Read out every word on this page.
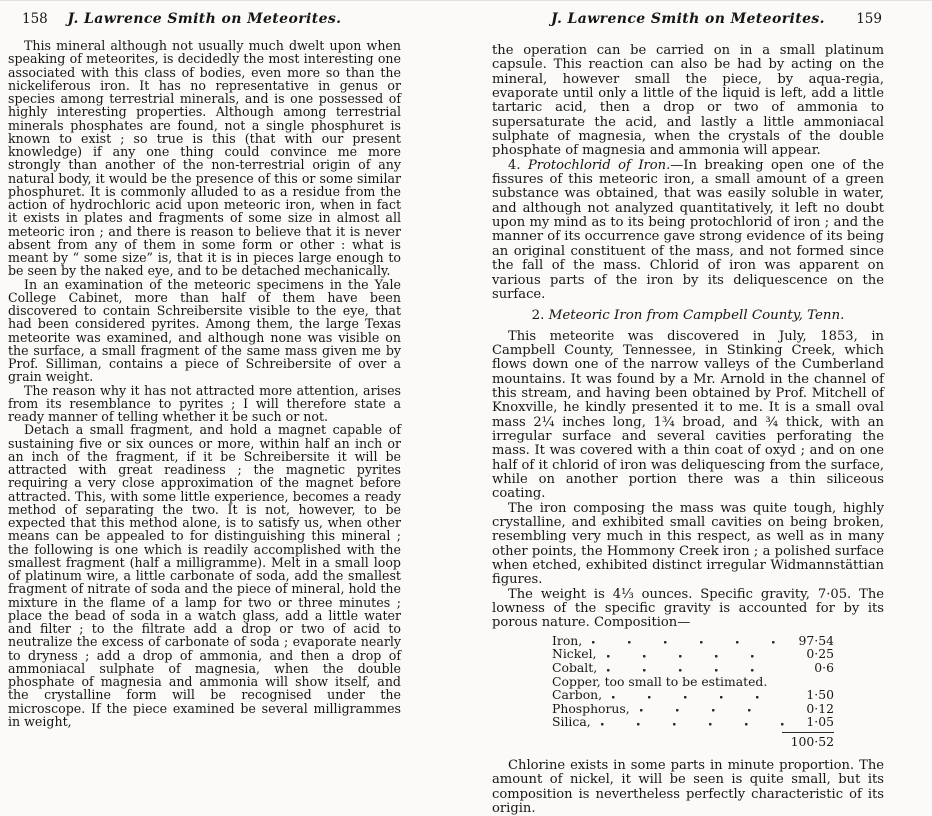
158	J. Lawrence Smith on Meteorites.

This mineral although not usually much dwelt upon when speaking of meteorites, is decidedly the most interesting one associated with this class of bodies, even more so than the nickeliferous iron. It has no representative in genus or species among terrestrial minerals, and is one possessed of highly interesting properties. Although among terrestrial minerals phosphates are found, not a single phosphuret is known to exist ; so true is this (that with our present knowledge) if any one thing could convince me more strongly than another of the non-terrestrial origin of any natural body, it would be the presence of this or some similar phosphuret. It is commonly alluded to as a residue from the action of hydrochloric acid upon meteoric iron, when in fact it exists in plates and fragments of some size in almost all meteoric iron ; and there is reason to believe that it is never absent from any of them in some form or other : what is meant by “ some size” is, that it is in pieces large enough to be seen by the naked eye, and to be detached mechanically.

In an examination of the meteoric specimens in the Yale College Cabinet, more than half of them have been discovered to contain Schreibersite visible to the eye, that had been considered pyrites. Among them, the large Texas meteorite was examined, and although none was visible on the surface, a small fragment of the same mass given me by Prof. Silliman, contains a piece of Schreibersite of over a grain weight.

The reason why it has not attracted more attention, arises from its resemblance to pyrites ; I will therefore state a ready manner of telling whether it be such or not.

Detach a small fragment, and hold a magnet capable of sustaining five or six ounces or more, within half an inch or an inch of the fragment, if it be Schreibersite it will be attracted with great readiness ; the magnetic pyrites requiring a very close approximation of the magnet before attracted. This, with some little experience, becomes a ready method of separating the two. It is not, however, to be expected that this method alone, is to satisfy us, when other means can be appealed to for distinguishing this mineral ; the following is one which is readily accomplished with the smallest fragment (half a milligramme). Melt in a small loop of platinum wire, a little carbonate of soda, add the smallest fragment of nitrate of soda and the piece of mineral, hold the mixture in the flame of a lamp for two or three minutes ; place the bead of soda in a watch glass, add a little water and filter ; to the filtrate add a drop or two of acid to neutralize the excess of carbonate of soda ; evaporate nearly to dryness ; add a drop of ammonia, and then a drop of ammoniacal sulphate of magnesia, when the double phosphate of magnesia and ammonia will show itself, and the crystalline form will be recognised under the microscope. If the piece examined be several milligrammes in weight,

J. Lawrence Smith on Meteorites.	159

the operation can be carried on in a small platinum capsule. This reaction can also be had by acting on the mineral, however small the piece, by aqua-regia, evaporate until only a little of the liquid is left, add a little tartaric acid, then a drop or two of ammonia to supersaturate the acid, and lastly a little ammoniacal sulphate of magnesia, when the crystals of the double phosphate of magnesia and ammonia will appear.

4. Protochlorid of Iron.—In breaking open one of the fissures of this meteoric iron, a small amount of a green substance was obtained, that was easily soluble in water, and although not analyzed quantitatively, it left no doubt upon my mind as to its being protochlorid of iron ; and the manner of its occurrence gave strong evidence of its being an original constituent of the mass, and not formed since the fall of the mass. Chlorid of iron was apparent on various parts of the iron by its deliquescence on the surface.

2. Meteoric Iron from Campbell County, Tenn.

This meteorite was discovered in July, 1853, in Campbell County, Tennessee, in Stinking Creek, which flows down one of the narrow valleys of the Cumberland mountains. It was found by a Mr. Arnold in the channel of this stream, and having been obtained by Prof. Mitchell of Knoxville, he kindly presented it to me. It is a small oval mass 2¼ inches long, 1¾ broad, and ¾ thick, with an irregular surface and several cavities perforating the mass. It was covered with a thin coat of oxyd ; and on one half of it chlorid of iron was deliquescing from the surface, while on another portion there was a thin siliceous coating.

The iron composing the mass was quite tough, highly crystalline, and exhibited small cavities on being broken, resembling very much in this respect, as well as in many other points, the Hommony Creek iron ; a polished surface when etched, exhibited distinct irregular Widmannstättian figures.

The weight is 4⅓ ounces. Specific gravity, 7·05. The lowness of the specific gravity is accounted for by its porous nature. Composition—

Iron,	97·54
Nickel,	0·25
Cobalt,	0·6
Copper, too small to be estimated.
Carbon,	1·50
Phosphorus,	0·12
Silica,	1·05
100·52

Chlorine exists in some parts in minute proportion. The amount of nickel, it will be seen is quite small, but its composition is nevertheless perfectly characteristic of its origin.
